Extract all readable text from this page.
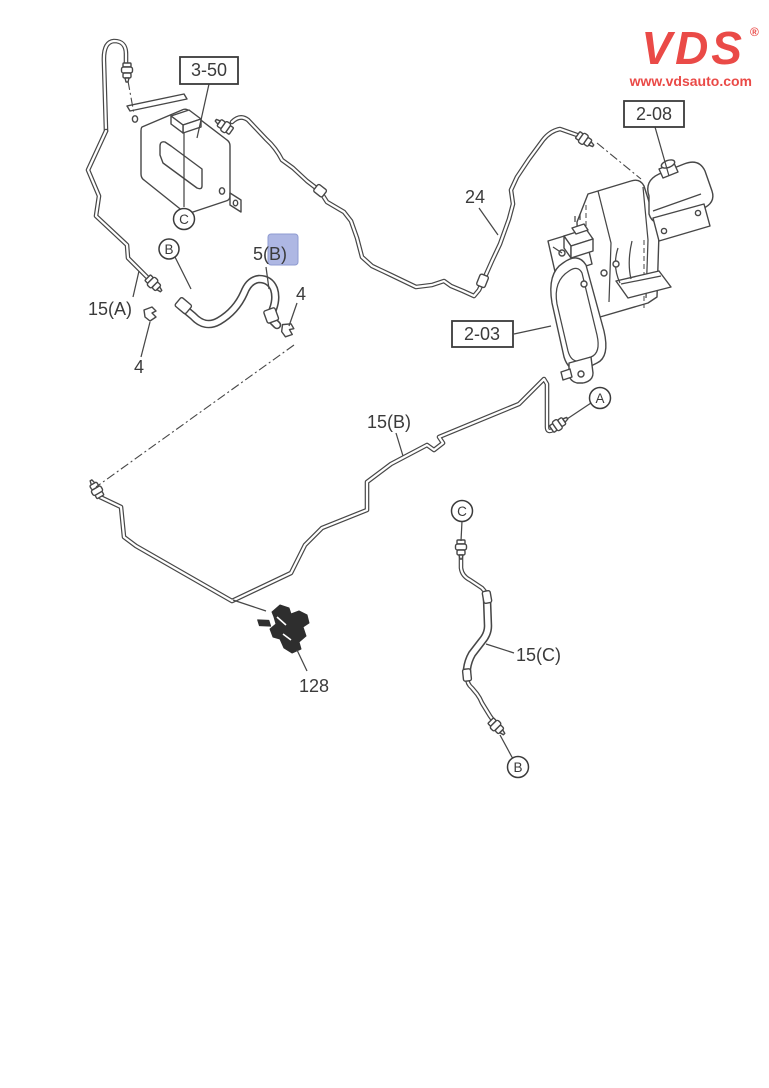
VDS ®
www.vdsauto.com
3-50
2-08
2-03
15(A)
5(B)
4
4
24
15(B)
128
15(C)
C
B
A
C
B
